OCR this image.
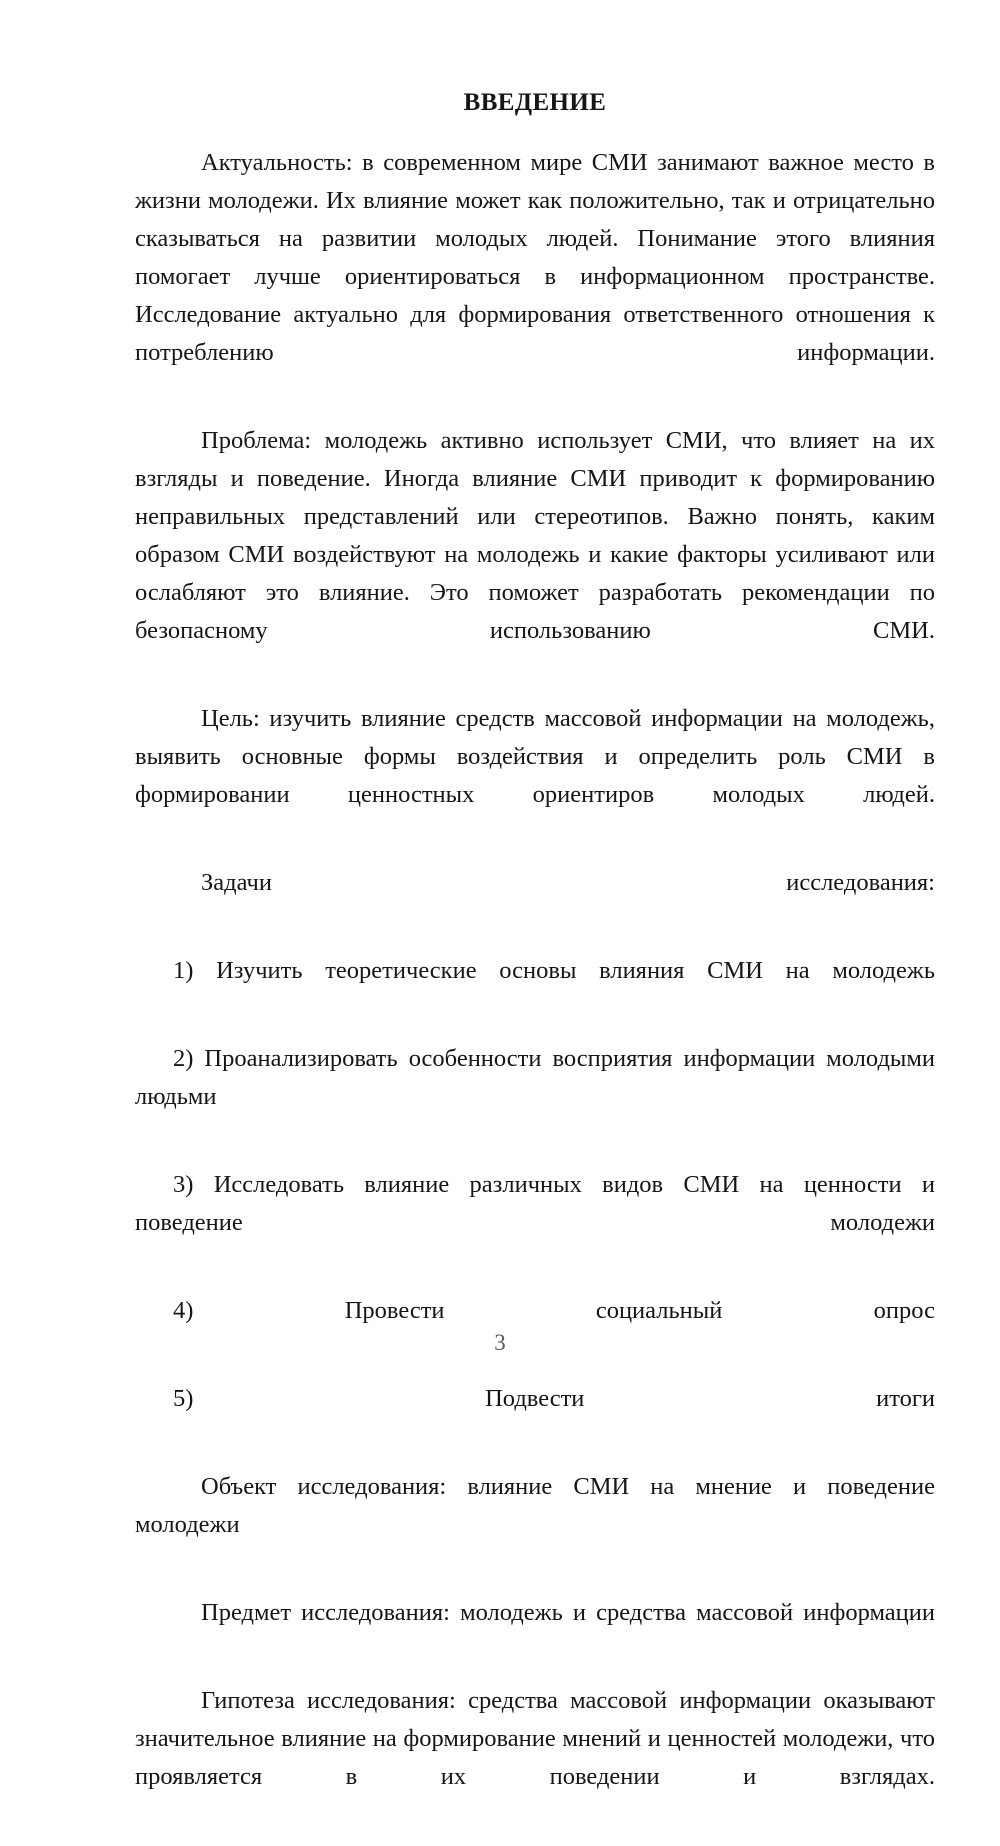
ВВЕДЕНИЕ

Актуальность: в современном мире СМИ занимают важное место в жизни молодежи. Их влияние может как положительно, так и отрицательно сказываться на развитии молодых людей. Понимание этого влияния помогает лучше ориентироваться в информационном пространстве. Исследование актуально для формирования ответственного отношения к потреблению информации.

Проблема: молодежь активно использует СМИ, что влияет на их взгляды и поведение. Иногда влияние СМИ приводит к формированию неправильных представлений или стереотипов. Важно понять, каким образом СМИ воздействуют на молодежь и какие факторы усиливают или ослабляют это влияние. Это поможет разработать рекомендации по безопасному использованию СМИ.

Цель: изучить влияние средств массовой информации на молодежь, выявить основные формы воздействия и определить роль СМИ в формировании ценностных ориентиров молодых людей.

Задачи исследования:

1) Изучить теоретические основы влияния СМИ на молодежь

2) Проанализировать особенности восприятия информации молодыми людьми

3) Исследовать влияние различных видов СМИ на ценности и поведение молодежи

4) Провести социальный опрос

5) Подвести итоги

Объект исследования: влияние СМИ на мнение и поведение молодежи

Предмет исследования: молодежь и средства массовой информации

Гипотеза исследования: средства массовой информации оказывают значительное влияние на формирование мнений и ценностей молодежи, что проявляется в их поведении и взглядах.

3
